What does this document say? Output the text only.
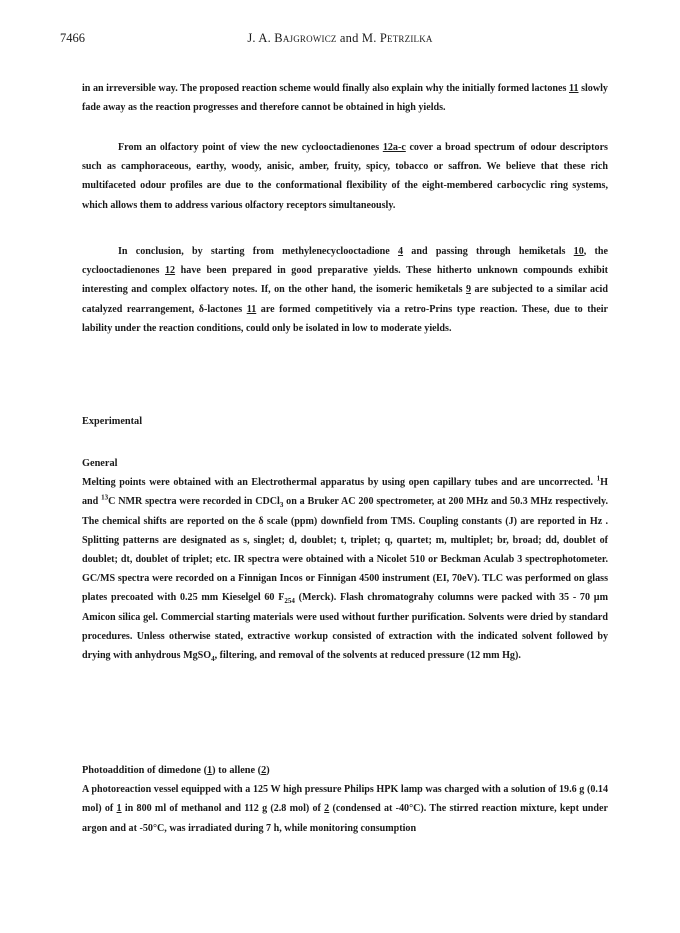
7466	J. A. Bajgrowicz and M. Petrzilka

in an irreversible way. The proposed reaction scheme would finally also explain why the initially formed lactones 11 slowly fade away as the reaction progresses and therefore cannot be obtained in high yields.

From an olfactory point of view the new cyclooctadienones 12a-c cover a broad spectrum of odour descriptors such as camphoraceous, earthy, woody, anisic, amber, fruity, spicy, tobacco or saffron. We believe that these rich multifaceted odour profiles are due to the conformational flexibility of the eight-membered carbocyclic ring systems, which allows them to address various olfactory receptors simultaneously.

In conclusion, by starting from methylenecyclooctadione 4 and passing through hemiketals 10, the cyclooctadienones 12 have been prepared in good preparative yields. These hitherto unknown compounds exhibit interesting and complex olfactory notes. If, on the other hand, the isomeric hemiketals 9 are subjected to a similar acid catalyzed rearrangement, δ-lactones 11 are formed competitively via a retro-Prins type reaction. These, due to their lability under the reaction conditions, could only be isolated in low to moderate yields.

Experimental

General

Melting points were obtained with an Electrothermal apparatus by using open capillary tubes and are uncorrected. $^1$H and $^{13}$C NMR spectra were recorded in CDCl$_3$ on a Bruker AC 200 spectrometer, at 200 MHz and 50.3 MHz respectively. The chemical shifts are reported on the δ scale (ppm) downfield from TMS. Coupling constants (J) are reported in Hz . Splitting patterns are designated as s, singlet; d, doublet; t, triplet; q, quartet; m, multiplet; br, broad; dd, doublet of doublet; dt, doublet of triplet; etc. IR spectra were obtained with a Nicolet 510 or Beckman Aculab 3 spectrophotometer. GC/MS spectra were recorded on a Finnigan Incos or Finnigan 4500 instrument (EI, 70eV). TLC was performed on glass plates precoated with 0.25 mm Kieselgel 60 $F_{254}$ (Merck). Flash chromatograhy columns were packed with 35 - 70 µm Amicon silica gel. Commercial starting materials were used without further purification. Solvents were dried by standard procedures. Unless otherwise stated, extractive workup consisted of extraction with the indicated solvent followed by drying with anhydrous MgSO$_4$, filtering, and removal of the solvents at reduced pressure (12 mm Hg).

Photoaddition of dimedone (1) to allene (2)

A photoreaction vessel equipped with a 125 W high pressure Philips HPK lamp was charged with a solution of 19.6 g (0.14 mol) of 1 in 800 ml of methanol and 112 g (2.8 mol) of 2 (condensed at -40°C). The stirred reaction mixture, kept under argon and at -50°C, was irradiated during 7 h, while monitoring consumption
